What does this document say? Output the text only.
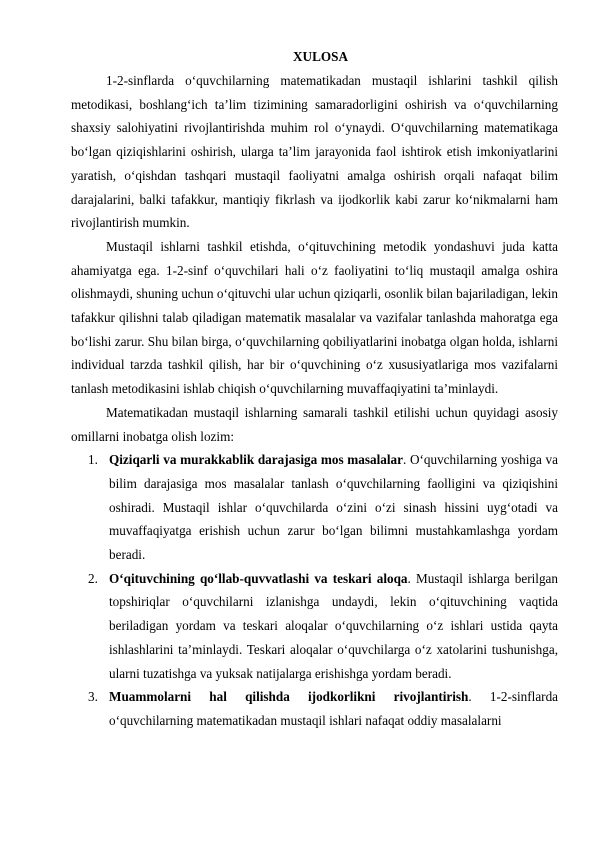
XULOSA

1-2-sinflarda o‘quvchilarning matematikadan mustaqil ishlarini tashkil qilish metodikasi, boshlang‘ich ta’lim tizimining samaradorligini oshirish va o‘quvchilarning shaxsiy salohiyatini rivojlantirishda muhim rol o‘ynaydi. O‘quvchilarning matematikaga bo‘lgan qiziqishlarini oshirish, ularga ta’lim jarayonida faol ishtirok etish imkoniyatlarini yaratish, o‘qishdan tashqari mustaqil faoliyatni amalga oshirish orqali nafaqat bilim darajalarini, balki tafakkur, mantiqiy fikrlash va ijodkorlik kabi zarur ko‘nikmalarni ham rivojlantirish mumkin.

Mustaqil ishlarni tashkil etishda, o‘qituvchining metodik yondashuvi juda katta ahamiyatga ega. 1-2-sinf o‘quvchilari hali o‘z faoliyatini to‘liq mustaqil amalga oshira olishmaydi, shuning uchun o‘qituvchi ular uchun qiziqarli, osonlik bilan bajariladigan, lekin tafakkur qilishni talab qiladigan matematik masalalar va vazifalar tanlashda mahoratga ega bo‘lishi zarur. Shu bilan birga, o‘quvchilarning qobiliyatlarini inobatga olgan holda, ishlarni individual tarzda tashkil qilish, har bir o‘quvchining o‘z xususiyatlariga mos vazifalarni tanlash metodikasini ishlab chiqish o‘quvchilarning muvaffaqiyatini ta’minlaydi.

Matematikadan mustaqil ishlarning samarali tashkil etilishi uchun quyidagi asosiy omillarni inobatga olish lozim:

1. Qiziqarli va murakkablik darajasiga mos masalalar. O‘quvchilarning yoshiga va bilim darajasiga mos masalalar tanlash o‘quvchilarning faolligini va qiziqishini oshiradi. Mustaqil ishlar o‘quvchilarda o‘zini o‘zi sinash hissini uyg‘otadi va muvaffaqiyatga erishish uchun zarur bo‘lgan bilimni mustahkamlashga yordam beradi.
2. O‘qituvchining qo‘llab-quvvatlashi va teskari aloqa. Mustaqil ishlarga berilgan topshiriqlar o‘quvchilarni izlanishga undaydi, lekin o‘qituvchining vaqtida beriladigan yordam va teskari aloqalar o‘quvchilarning o‘z ishlari ustida qayta ishlashlarini ta’minlaydi. Teskari aloqalar o‘quvchilarga o‘z xatolarini tushunishga, ularni tuzatishga va yuksak natijalarga erishishga yordam beradi.
3. Muammolarni hal qilishda ijodkorlikni rivojlantirish. 1-2-sinflarda o‘quvchilarning matematikadan mustaqil ishlari nafaqat oddiy masalalarni
